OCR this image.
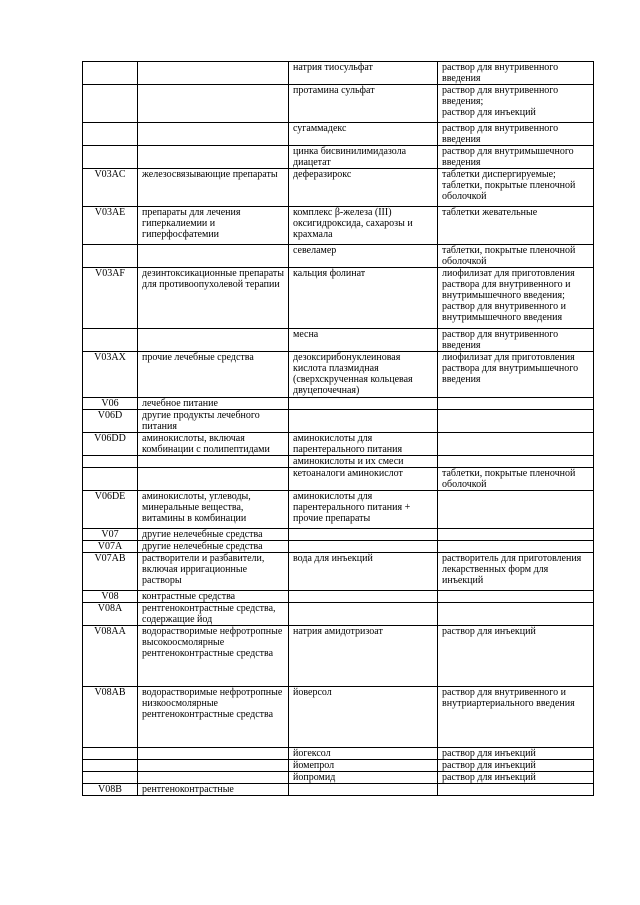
		натрия тиосульфат	раствор для внутривенного введения
		протамина сульфат	раствор для внутривенного введения;
раствор для инъекций
		сугаммадекс	раствор для внутривенного введения
		цинка бисвинилимидазола диацетат	раствор для внутримышечного введения
V03AC	железосвязывающие препараты	деферазирокс	таблетки диспергируемые;
таблетки, покрытые пленочной оболочкой
V03AE	препараты для лечения гиперкалиемии и гиперфосфатемии	комплекс β-железа (III) оксигидроксида, сахарозы и крахмала	таблетки жевательные
		севеламер	таблетки, покрытые пленочной оболочкой
V03AF	дезинтоксикационные препараты для противоопухолевой терапии	кальция фолинат	лиофилизат для приготовления раствора для внутривенного и внутримышечного введения;
раствор для внутривенного и внутримышечного введения
		месна	раствор для внутривенного введения
V03AX	прочие лечебные средства	дезоксирибонуклеиновая кислота плазмидная (сверхскрученная кольцевая двуцепочечная)	лиофилизат для приготовления раствора для внутримышечного введения
V06	лечебное питание		
V06D	другие продукты лечебного питания		
V06DD	аминокислоты, включая комбинации с полипептидами	аминокислоты для парентерального питания	
		аминокислоты и их смеси	
		кетоаналоги аминокислот	таблетки, покрытые пленочной оболочкой
V06DE	аминокислоты, углеводы, минеральные вещества, витамины в комбинации	аминокислоты для парентерального питания + прочие препараты	
V07	другие нелечебные средства		
V07A	другие нелечебные средства		
V07AB	растворители и разбавители, включая ирригационные растворы	вода для инъекций	растворитель для приготовления лекарственных форм для инъекций
V08	контрастные средства		
V08A	рентгеноконтрастные средства, содержащие йод		
V08AA	водорастворимые нефротропные высокоосмолярные рентгеноконтрастные средства	натрия амидотризоат	раствор для инъекций
V08AB	водорастворимые нефротропные низкоосмолярные рентгеноконтрастные средства	йоверсол	раствор для внутривенного и внутриартериального введения
		йогексол	раствор для инъекций
		йомепрол	раствор для инъекций
		йопромид	раствор для инъекций
V08B	рентгеноконтрастные		
